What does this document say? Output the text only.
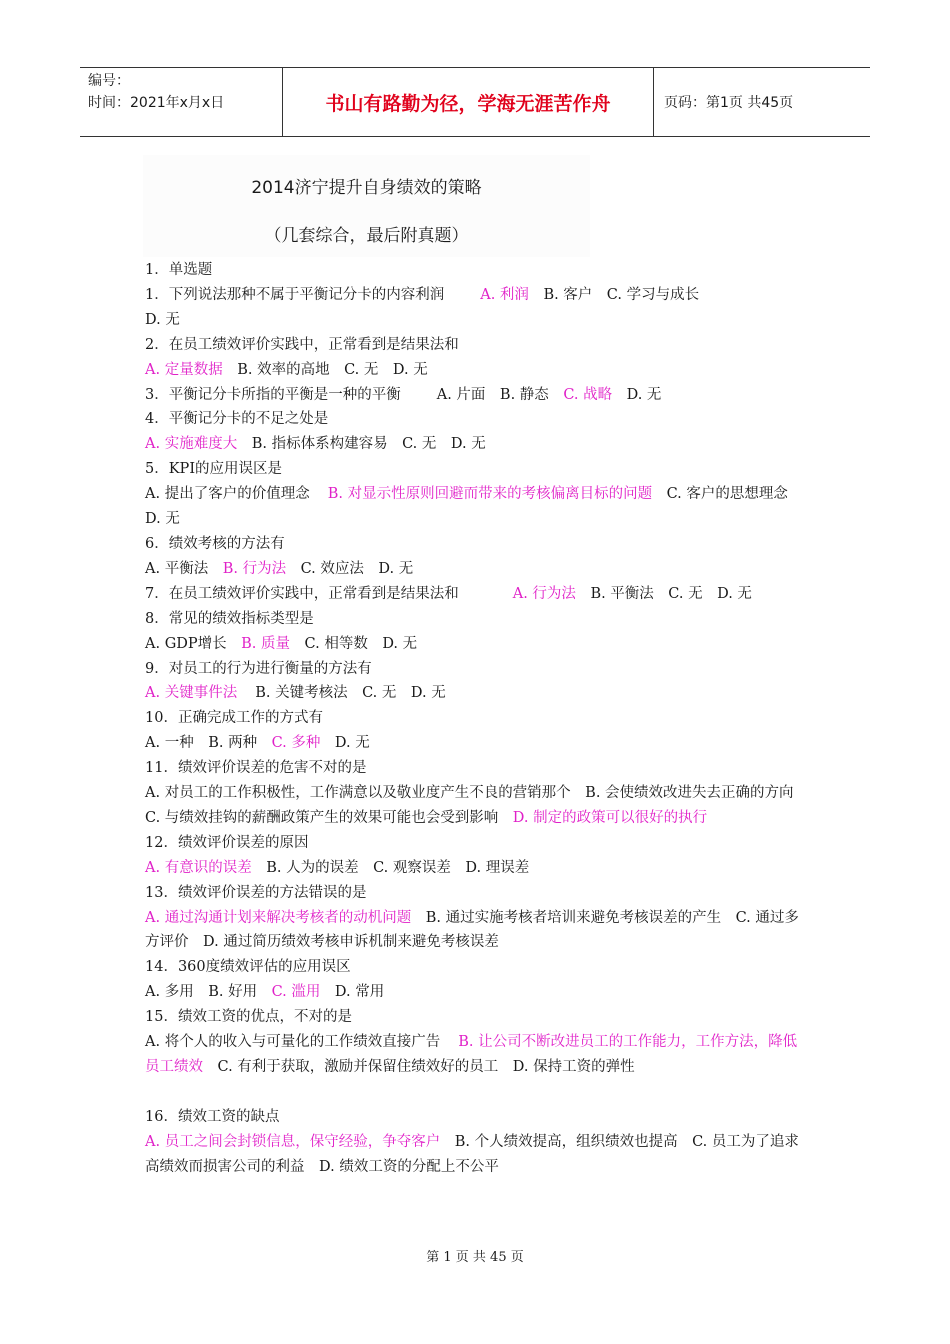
编号：
时间：2021年x月x日	书山有路勤为径，学海无涯苦作舟	页码：第1页 共45页
2014济宁提升自身绩效的策略
（几套综合，最后附真题）
1．单选题
1．下列说法那种不属于平衡记分卡的内容利润 A. 利润　 B. 客户　C. 学习与成长
D. 无
2．在员工绩效评价实践中，正常看到是结果法和
A. 定量数据　 B. 效率的高地　C. 无　D. 无
3．平衡记分卡所指的平衡是一种的平衡 A. 片面　B. 静态　 C. 战略　 D. 无
4．平衡记分卡的不足之处是
A. 实施难度大　 B. 指标体系构建容易　C. 无　D. 无
5．KPI的应用误区是
A. 提出了客户的价值理念 B. 对显示性原则回避而带来的考核偏离目标的问题　 C. 客户的思想理念　D. 无
6．绩效考核的方法有
A. 平衡法　 B. 行为法　 C. 效应法　D. 无
7．在员工绩效评价实践中，正常看到是结果法和	A. 行为法　 B. 平衡法　C. 无　D. 无
8．常见的绩效指标类型是
A. GDP增长　 B. 质量　 C. 相等数　D. 无
9．对员工的行为进行衡量的方法有
A. 关键事件法 B. 关键考核法　C. 无　D. 无
10．正确完成工作的方式有
A. 一种　B. 两种　 C. 多种　 D. 无
11．绩效评价误差的危害不对的是
A. 对员工的工作积极性，工作满意以及敬业度产生不良的营销那个　B. 会使绩效改进失去正确的方向　C. 与绩效挂钩的薪酬政策产生的效果可能也会受到影响　 D. 制定的政策可以很好的执行
12．绩效评价误差的原因
A. 有意识的误差　 B. 人为的误差　C. 观察误差　D. 理误差
13．绩效评价误差的方法错误的是
A. 通过沟通计划来解决考核者的动机问题　 B. 通过实施考核者培训来避免考核误差的产生　C. 通过多方评价　D. 通过简历绩效考核申诉机制来避免考核误差
14．360度绩效评估的应用误区
A. 多用　B. 好用　 C. 滥用　 D. 常用
15．绩效工资的优点，不对的是
A. 将个人的收入与可量化的工作绩效直接广告 B. 让公司不断改进员工的工作能力，工作方法，降低员工绩效　 C. 有利于获取，激励并保留住绩效好的员工　D. 保持工资的弹性
16．绩效工资的缺点
A. 员工之间会封锁信息，保守经验，争夺客户　 B. 个人绩效提高，组织绩效也提高　C. 员工为了追求高绩效而损害公司的利益　D. 绩效工资的分配上不公平
第 1 页 共 45 页
